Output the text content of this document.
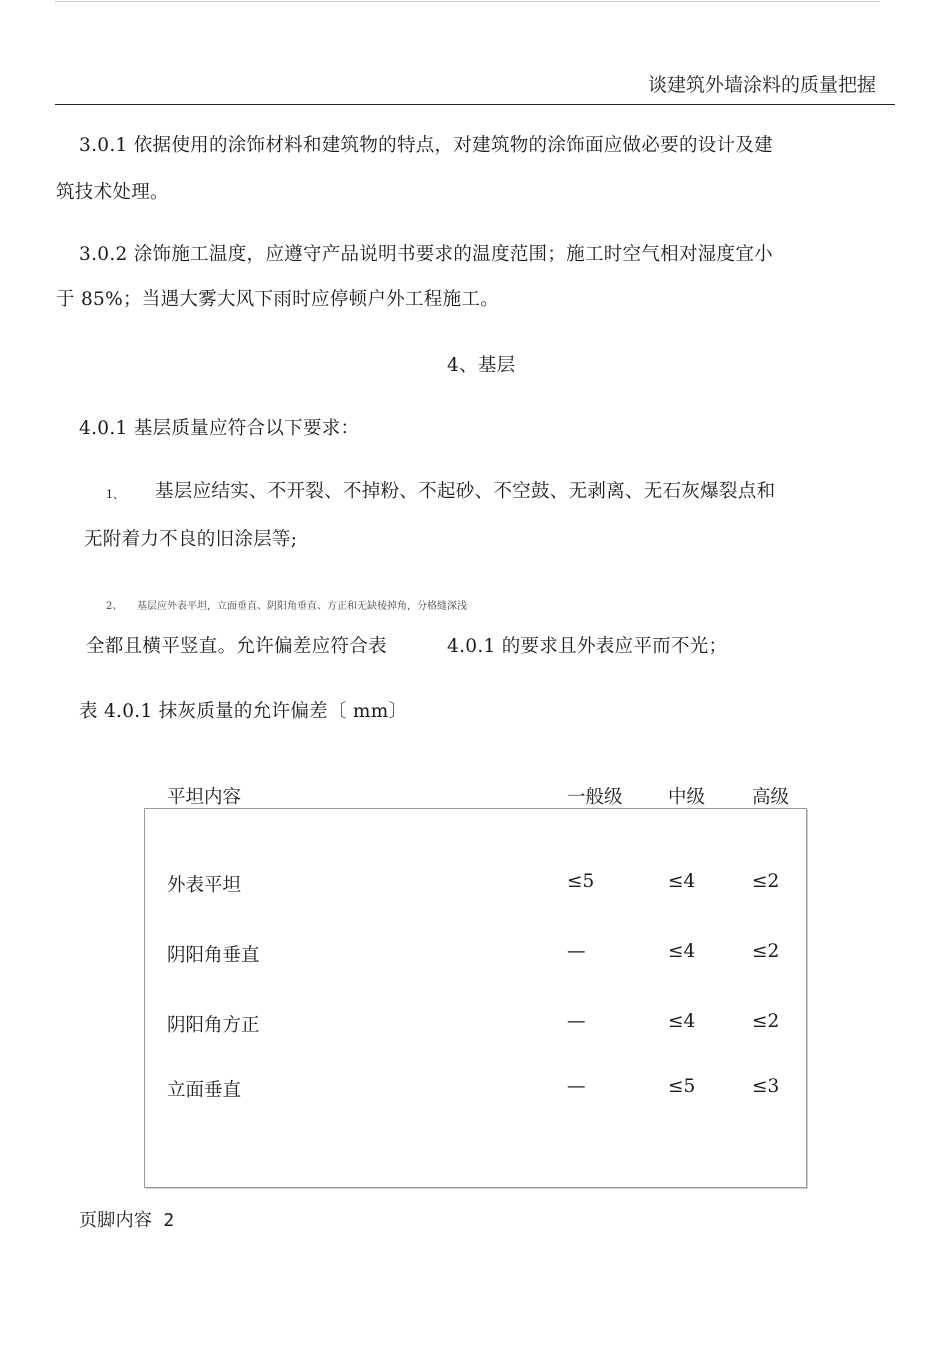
谈建筑外墙涂料的质量把握
3.0.1 依据使用的涂饰材料和建筑物的特点，对建筑物的涂饰面应做必要的设计及建
筑技术处理。
3.0.2 涂饰施工温度，应遵守产品说明书要求的温度范围；施工时空气相对湿度宜小
于 85%；当遇大雾大风下雨时应停顿户外工程施工。
4、基层
4.0.1 基层质量应符合以下要求：
1、 基层应结实、不开裂、不掉粉、不起砂、不空鼓、无剥离、无石灰爆裂点和
无附着力不良的旧涂层等;
2、 基层应外表平坦，立面垂直、阴阳角垂直、方正和无缺棱掉角，分格缝深浅
全都且横平竖直。允许偏差应符合表	4.0.1 的要求且外表应平而不光；
表 4.0.1 抹灰质量的允许偏差〔 mm〕
平坦内容	一般级 中级	高级
外表平坦	≤5	≤4	≤2
阴阳角垂直	—	≤4	≤2
阴阳角方正	—	≤4	≤2
立面垂直	—	≤5	≤3
页脚内容 2
